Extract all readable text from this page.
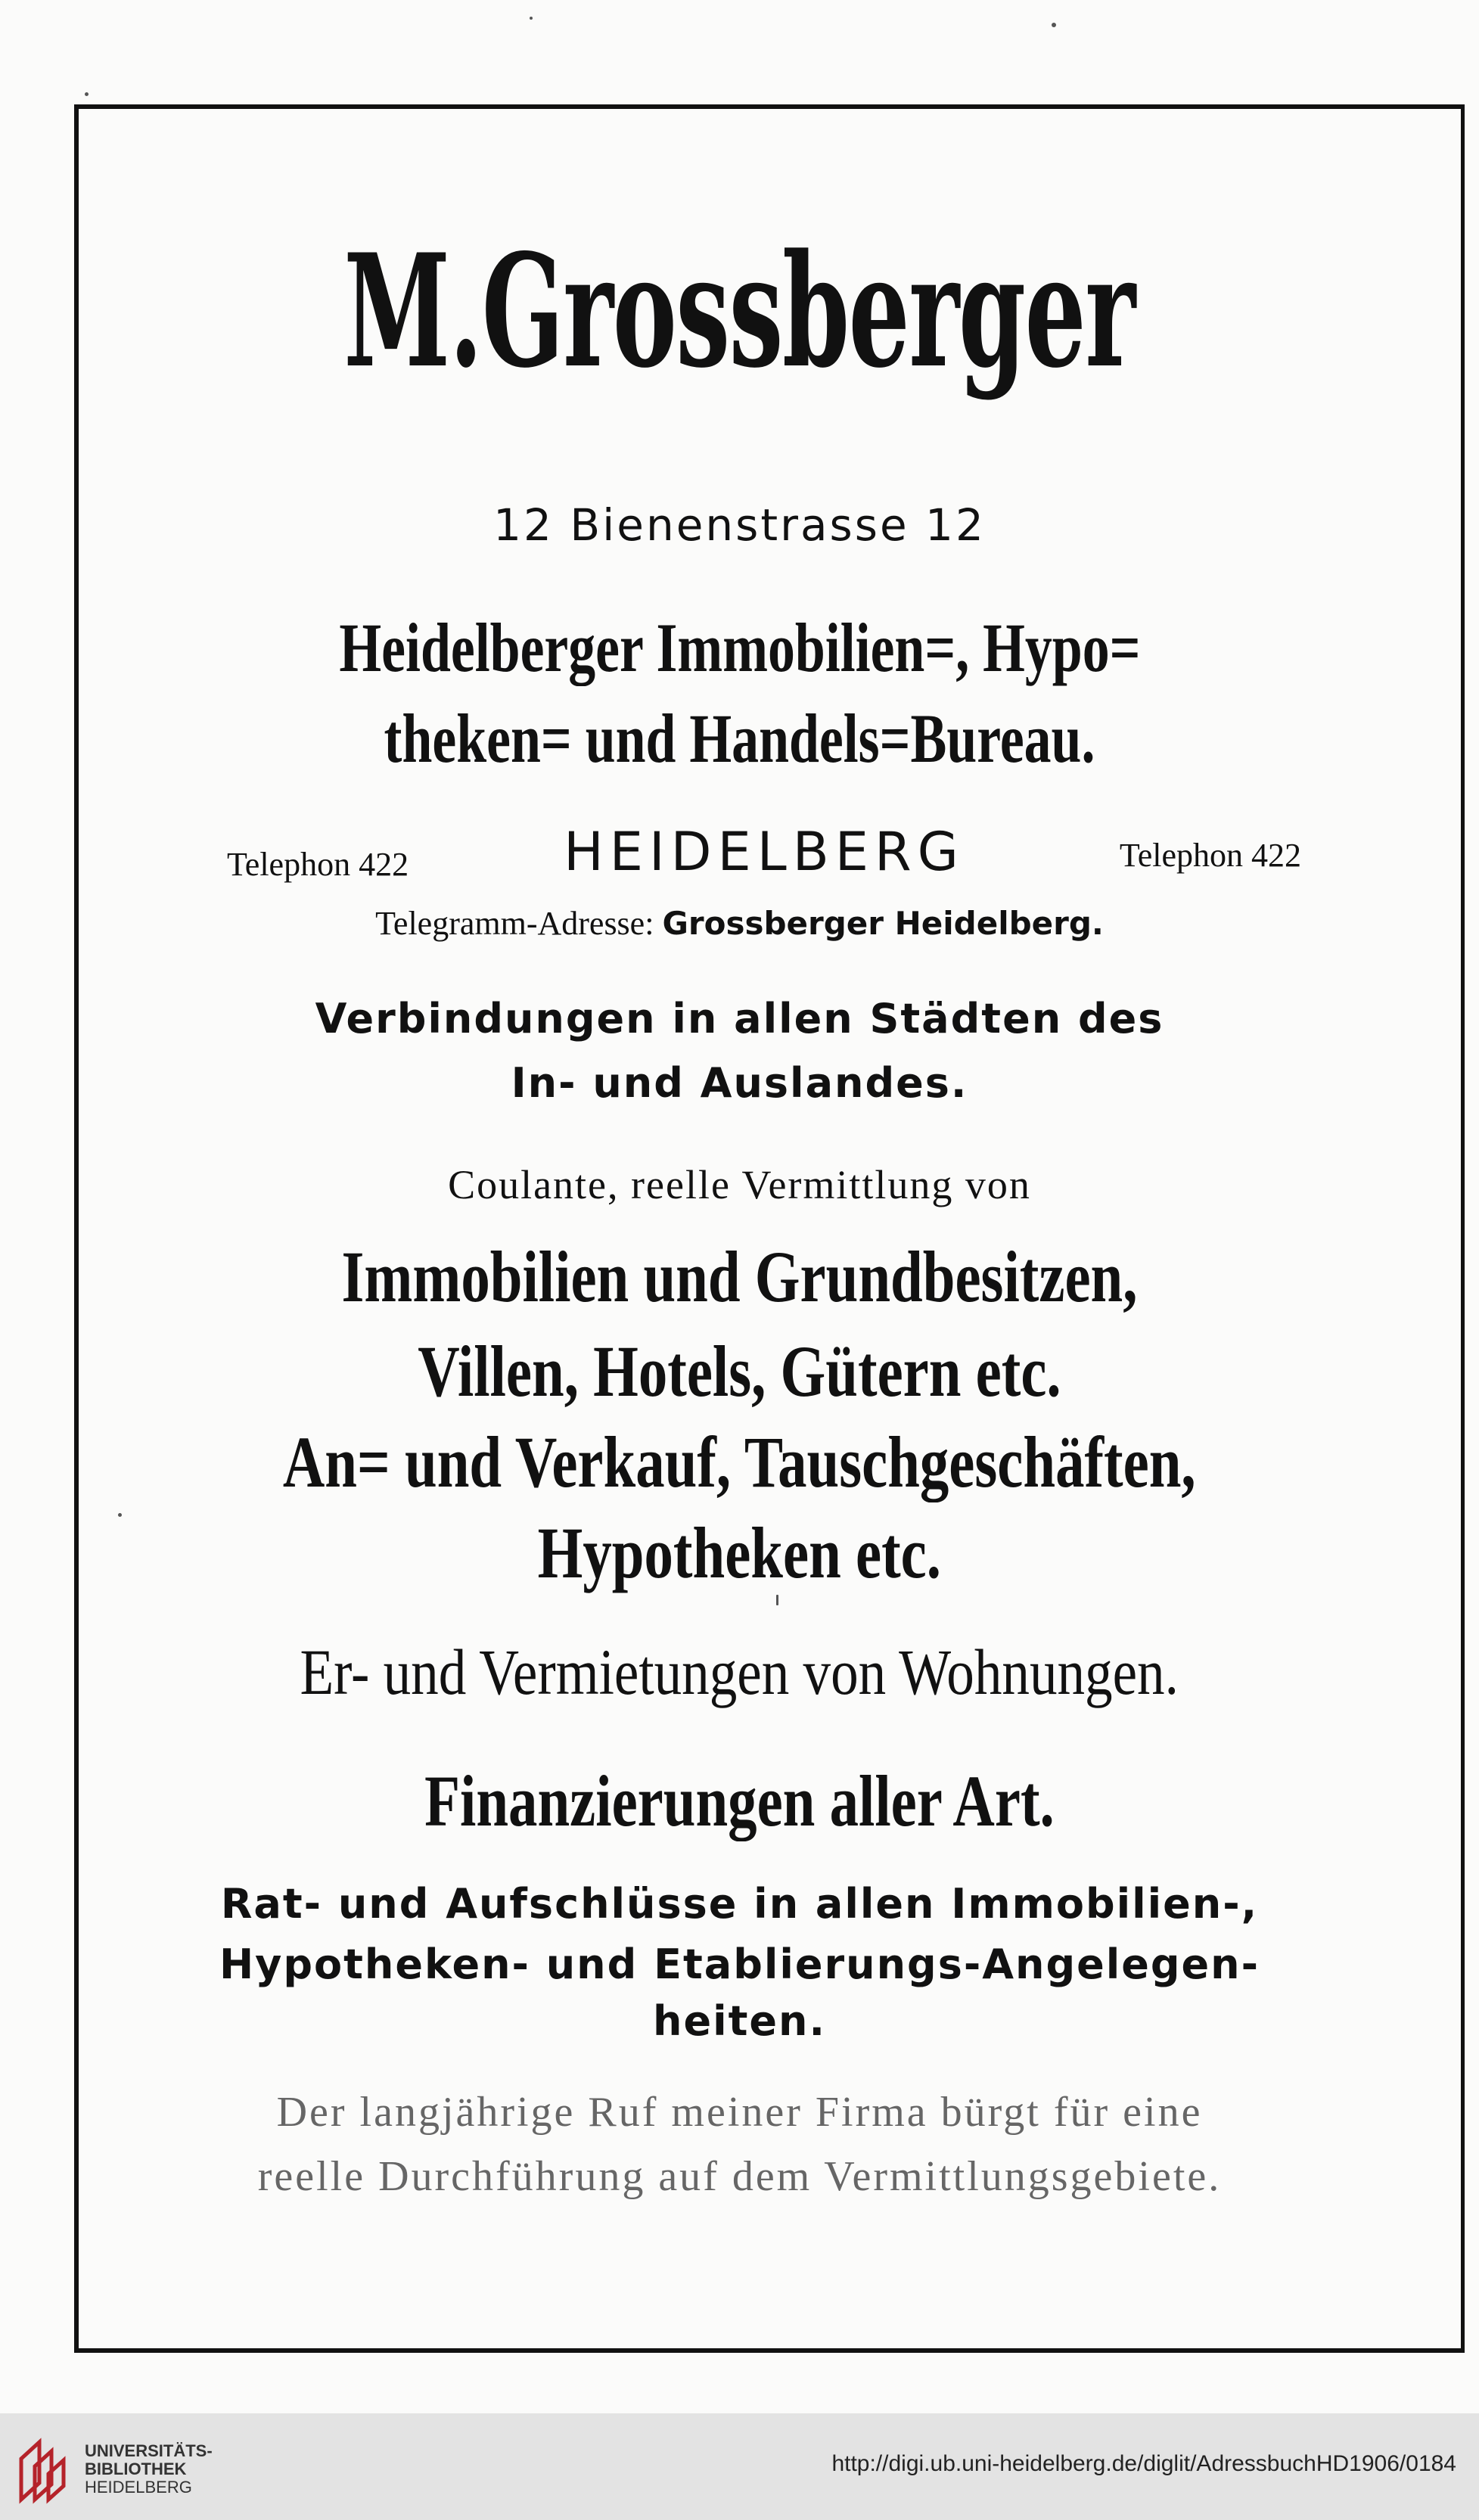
M.Grossberger
12 Bienenstrasse 12
Heidelberger Immobilien=, Hypo=
theken= und Handels=Bureau.
Telephon 422	HEIDELBERG	Telephon 422
Telegramm-Adresse: Grossberger Heidelberg.
Verbindungen in allen Städten des
In- und Auslandes.
Coulante, reelle Vermittlung von
Immobilien und Grundbesitzen,
Villen, Hotels, Gütern etc.
An= und Verkauf, Tauschgeschäften,
Hypotheken etc.
Er- und Vermietungen von Wohnungen.
Finanzierungen aller Art.
Rat- und Aufschlüsse in allen Immobilien-,
Hypotheken- und Etablierungs-Angelegen-
heiten.
Der langjährige Ruf meiner Firma bürgt für eine
reelle Durchführung auf dem Vermittlungsgebiete.
UNIVERSITÄTS-
BIBLIOTHEK
HEIDELBERG
http://digi.ub.uni-heidelberg.de/diglit/AdressbuchHD1906/0184
